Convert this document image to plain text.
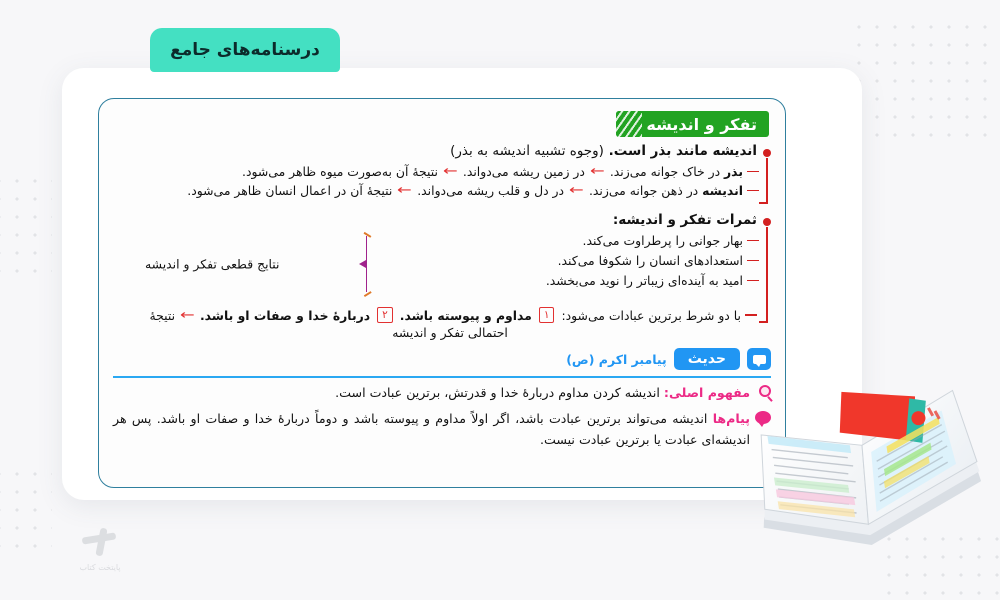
درسنامه‌های جامع
تفکر و اندیشه
اندیشه مانند بذر است. (وجوه تشبیه اندیشه به بذر)
بذر در خاک جوانه می‌زند.
←
در زمین ریشه می‌دواند.
←
نتیجهٔ آن به‌صورت میوه ظاهر می‌شود.
اندیشه در ذهن جوانه می‌زند.
←
در دل و قلب ریشه می‌دواند.
←
نتیجهٔ آن در اعمال انسان ظاهر می‌شود.
ثمرات تفکر و اندیشه:
بهار جوانی را پرطراوت می‌کند.
استعدادهای انسان را شکوفا می‌کند.
امید به آینده‌ای زیباتر را نوید می‌بخشد.
نتایج قطعی تفکر و اندیشه
با دو شرط برترین عبادات می‌شود:
۱
مداوم و پیوسته باشد.
۲
دربارهٔ خدا و صفات او باشد.
←
نتیجهٔ
احتمالی تفکر و اندیشه
حدیث
پیامبر اکرم (ص)
مفهوم اصلی: اندیشه کردن مداوم دربارهٔ خدا و قدرتش، برترین عبادت است.
پیام‌ها اندیشه می‌تواند برترین عبادت باشد، اگر اولاً مداوم و پیوسته باشد و دوماً دربارهٔ خدا و صفات او باشد. پس هر اندیشه‌ای عبادت یا برترین عبادت نیست.
پایتخت کتاب
